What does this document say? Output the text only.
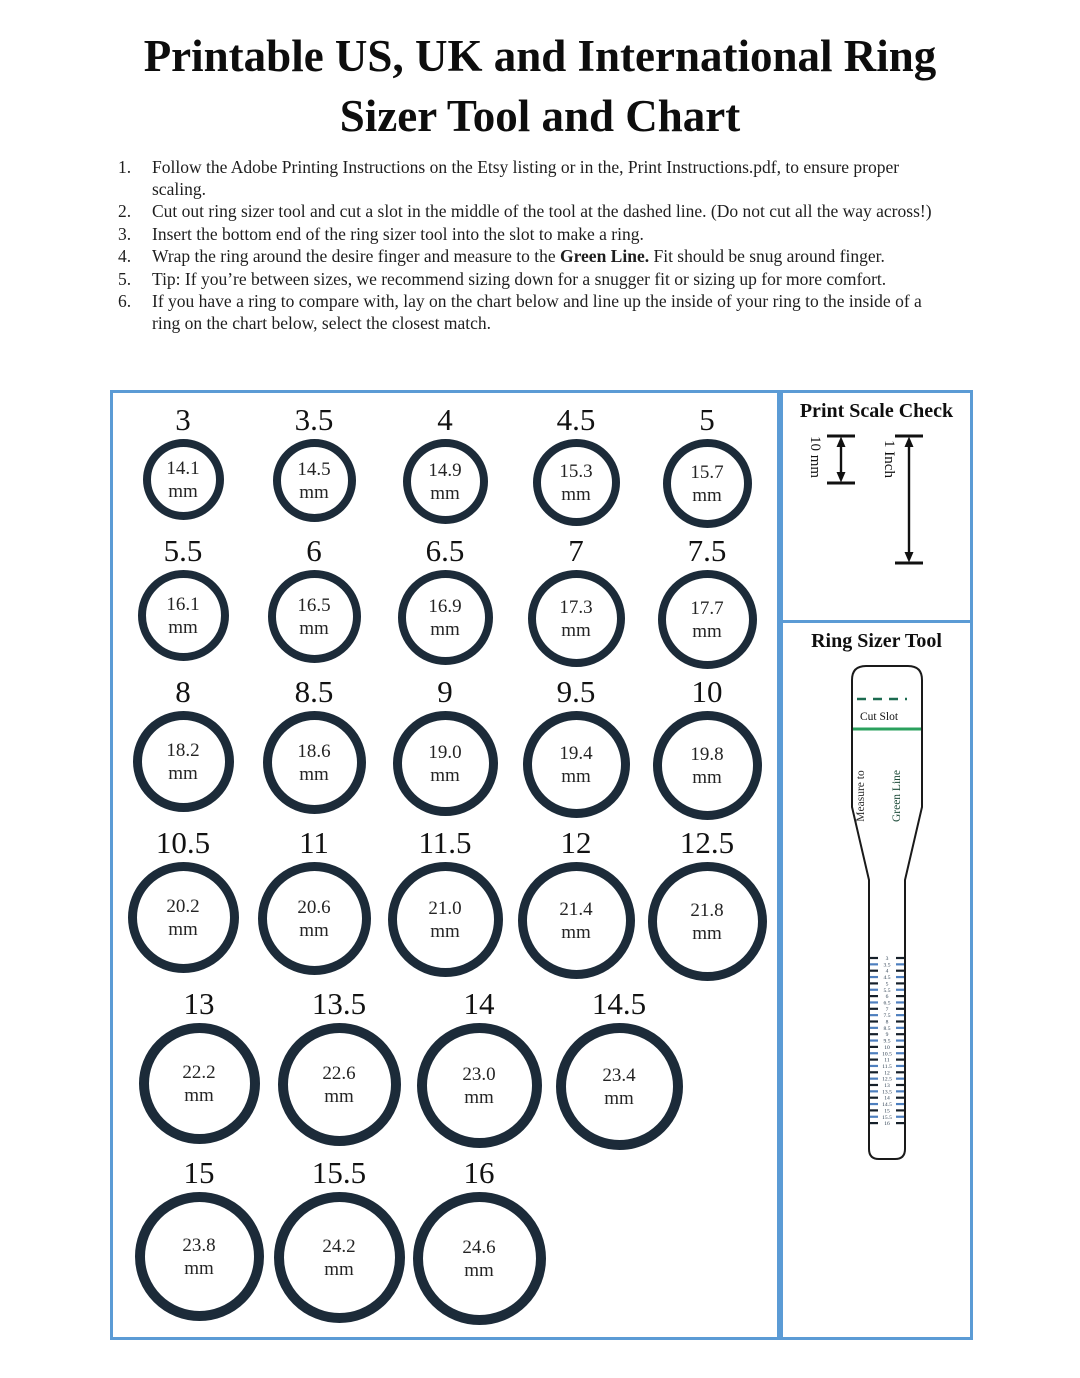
Printable US, UK and International Ring
Sizer Tool and Chart
1.	Follow the Adobe Printing Instructions on the Etsy listing or in the, Print Instructions.pdf, to ensure proper scaling.
2.	Cut out ring sizer tool and cut a slot in the middle of the tool at the dashed line. (Do not cut all the way across!)
3.	Insert the bottom end of the ring sizer tool into the slot to make a ring.
4.	Wrap the ring around the desire finger and measure to the Green Line. Fit should be snug around finger.
5.	Tip: If you’re between sizes, we recommend sizing down for a snugger fit or sizing up for more comfort.
6.	If you have a ring to compare with, lay on the chart below and line up the inside of your ring to the inside of a ring on the chart below, select the closest match.
3
14.1
mm
3.5
14.5
mm
4
14.9
mm
4.5
15.3
mm
5
15.7
mm
5.5
16.1
mm
6
16.5
mm
6.5
16.9
mm
7
17.3
mm
7.5
17.7
mm
8
18.2
mm
8.5
18.6
mm
9
19.0
mm
9.5
19.4
mm
10
19.8
mm
10.5
20.2
mm
11
20.6
mm
11.5
21.0
mm
12
21.4
mm
12.5
21.8
mm
13
22.2
mm
13.5
22.6
mm
14
23.0
mm
14.5
23.4
mm
15
23.8
mm
15.5
24.2
mm
16
24.6
mm
Print Scale Check
10 mm	1 Inch
Ring Sizer Tool
Cut Slot
Measure to Green Line
3
3.5
4
4.5
5
5.5
6
6.5
7
7.5
8
8.5
9
9.5
10
10.5
11
11.5
12
12.5
13
13.5
14
14.5
15
15.5
16
